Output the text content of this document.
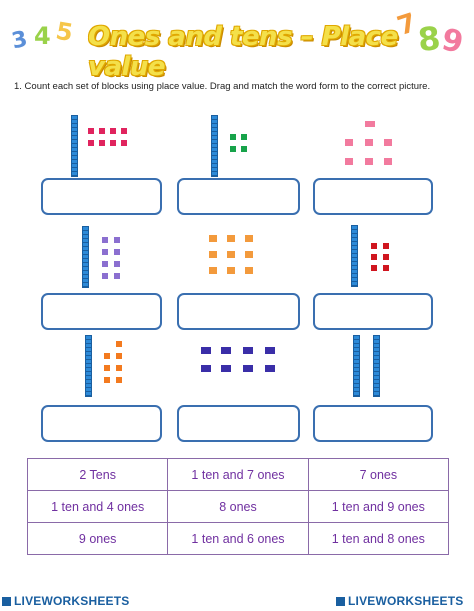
3 4 5 Ones and tens – Place value
7
8
9
1. Count each set of blocks using place value. Drag and match the word form to the correct picture.
2 Tens	1 ten and 7 ones	7 ones
1 ten and 4 ones	8 ones	1 ten and 9 ones
9 ones	1 ten and 6 ones	1 ten and 8 ones
LIVEWORKSHEETS	LIVEWORKSHEETS
